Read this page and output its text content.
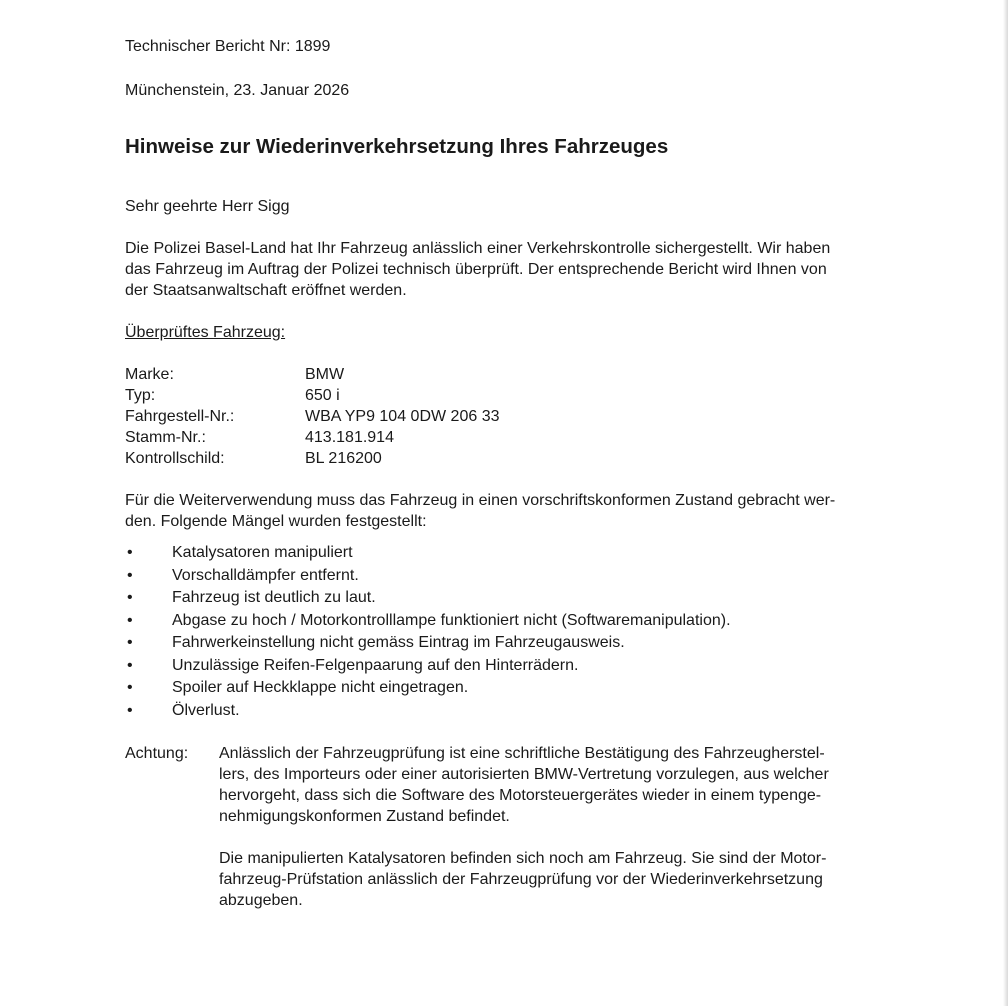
Technischer Bericht Nr: 1899

Münchenstein, 23. Januar 2026

Hinweise zur Wiederinverkehrsetzung Ihres Fahrzeuges

Sehr geehrte Herr Sigg

Die Polizei Basel-Land hat Ihr Fahrzeug anlässlich einer Verkehrskontrolle sichergestellt. Wir haben
das Fahrzeug im Auftrag der Polizei technisch überprüft. Der entsprechende Bericht wird Ihnen von
der Staatsanwaltschaft eröffnet werden.
Überprüftes Fahrzeug:
Marke:	BMW
Typ:	650 i
Fahrgestell-Nr.:	WBA YP9 104 0DW 206 33
Stamm-Nr.:	413.181.914
Kontrollschild:	BL 216200
Für die Weiterverwendung muss das Fahrzeug in einen vorschriftskonformen Zustand gebracht wer-
den. Folgende Mängel wurden festgestellt:
• Katalysatoren manipuliert
• Vorschalldämpfer entfernt.
• Fahrzeug ist deutlich zu laut.
• Abgase zu hoch / Motorkontrolllampe funktioniert nicht (Softwaremanipulation).
• Fahrwerkeinstellung nicht gemäss Eintrag im Fahrzeugausweis.
• Unzulässige Reifen-Felgenpaarung auf den Hinterrädern.
• Spoiler auf Heckklappe nicht eingetragen.
• Ölverlust.
Achtung:	Anlässlich der Fahrzeugprüfung ist eine schriftliche Bestätigung des Fahrzeugherstel-
lers, des Importeurs oder einer autorisierten BMW-Vertretung vorzulegen, aus welcher
hervorgeht, dass sich die Software des Motorsteuergerätes wieder in einem typenge-
nehmigungskonformen Zustand befindet.

Die manipulierten Katalysatoren befinden sich noch am Fahrzeug. Sie sind der Motor-
fahrzeug-Prüfstation anlässlich der Fahrzeugprüfung vor der Wiederinverkehrsetzung
abzugeben.
